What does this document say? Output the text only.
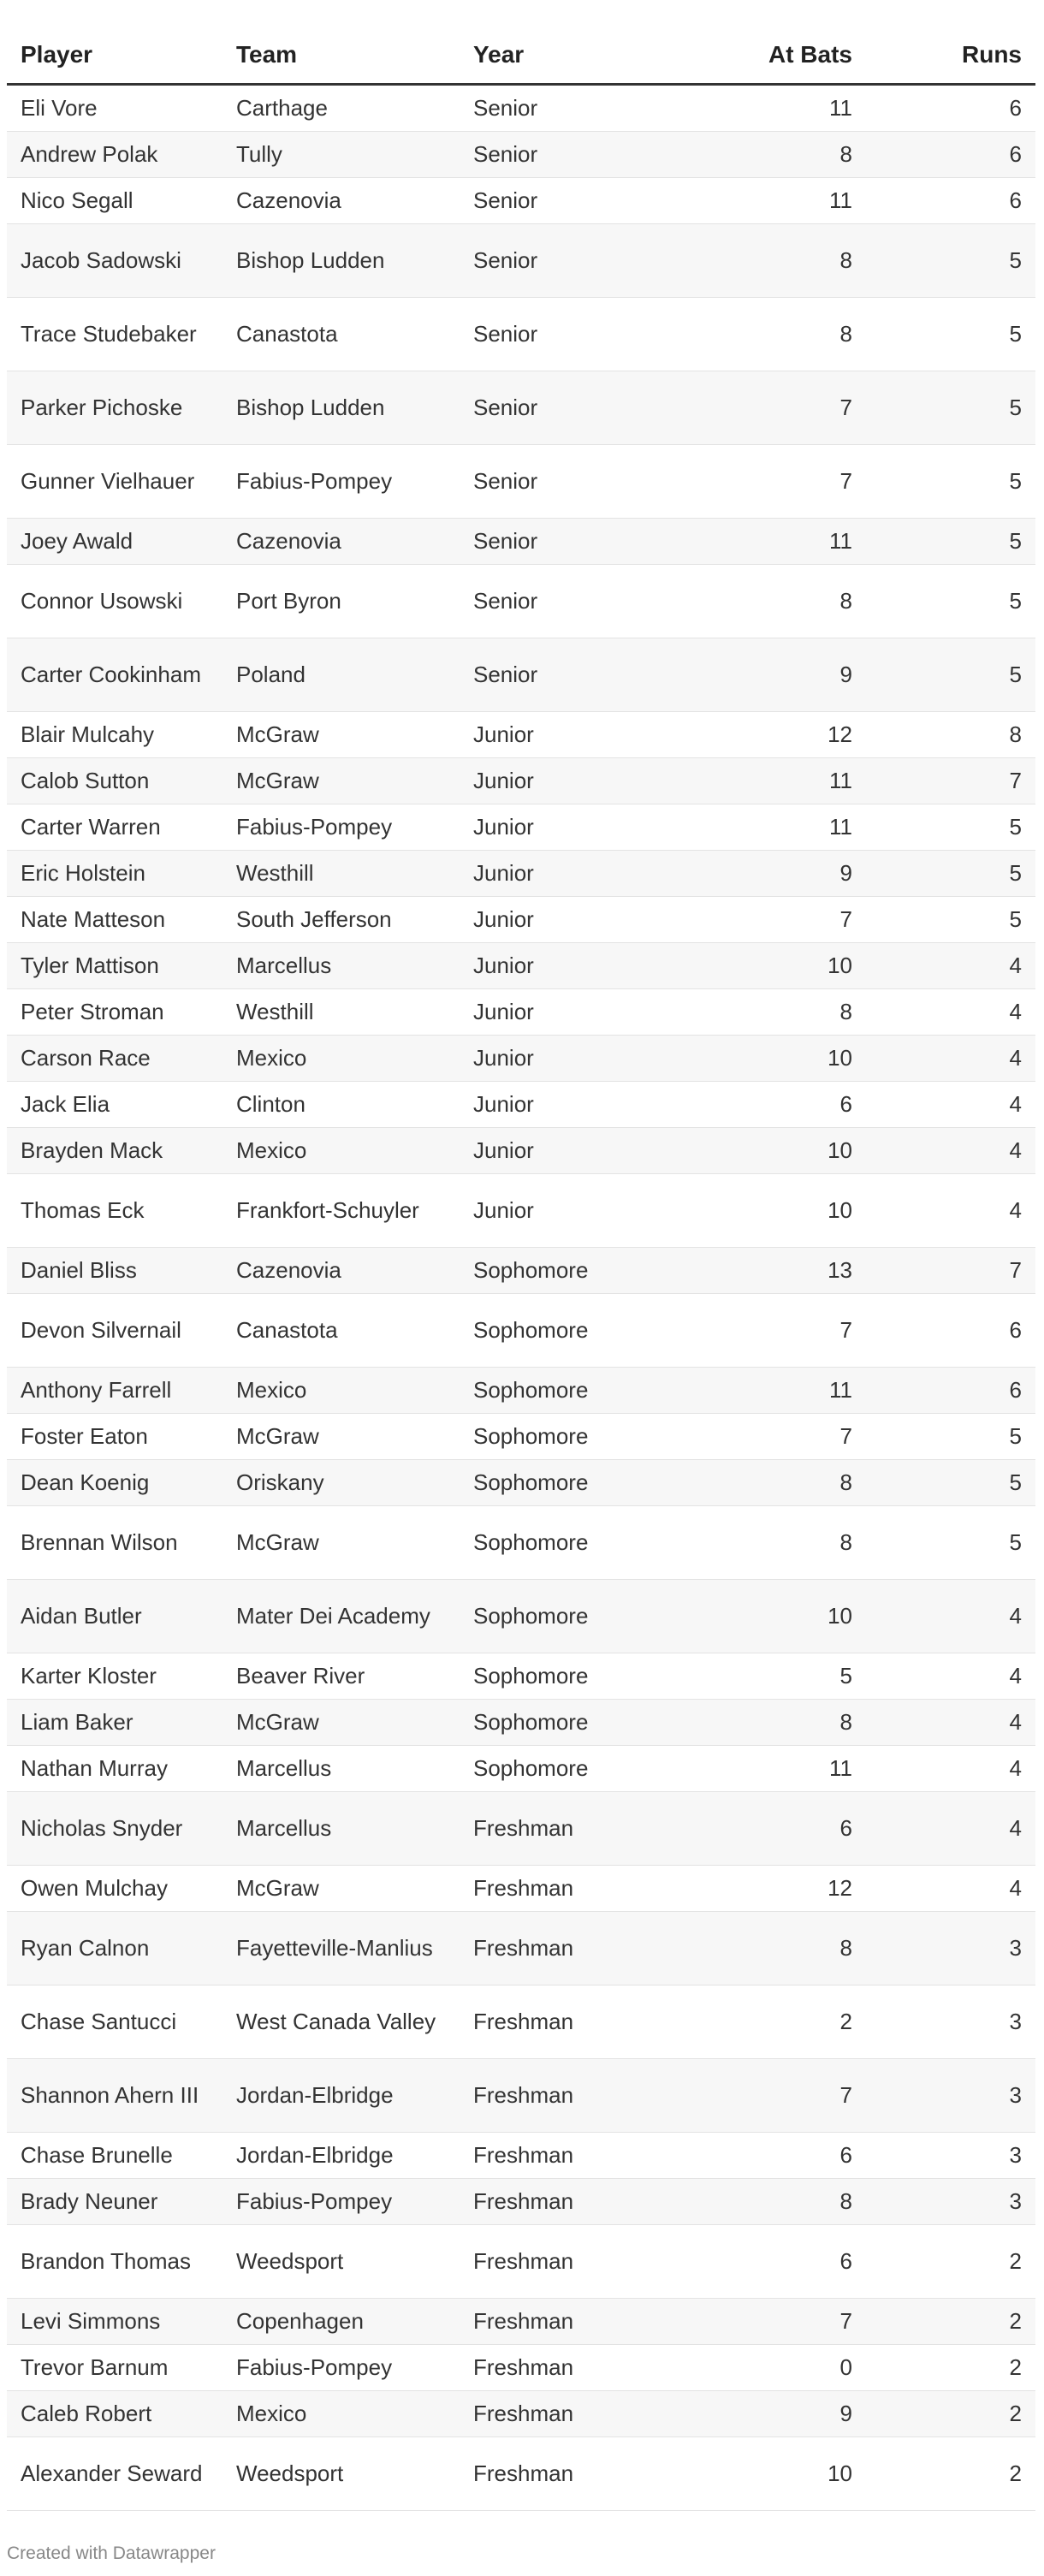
Player	Team	Year	At Bats	Runs
Eli Vore	Carthage	Senior	11	6
Andrew Polak	Tully	Senior	8	6
Nico Segall	Cazenovia	Senior	11	6
Jacob Sadowski	Bishop Ludden	Senior	8	5
Trace Studebaker	Canastota	Senior	8	5
Parker Pichoske	Bishop Ludden	Senior	7	5
Gunner Vielhauer	Fabius-Pompey	Senior	7	5
Joey Awald	Cazenovia	Senior	11	5
Connor Usowski	Port Byron	Senior	8	5
Carter Cookinham	Poland	Senior	9	5
Blair Mulcahy	McGraw	Junior	12	8
Calob Sutton	McGraw	Junior	11	7
Carter Warren	Fabius-Pompey	Junior	11	5
Eric Holstein	Westhill	Junior	9	5
Nate Matteson	South Jefferson	Junior	7	5
Tyler Mattison	Marcellus	Junior	10	4
Peter Stroman	Westhill	Junior	8	4
Carson Race	Mexico	Junior	10	4
Jack Elia	Clinton	Junior	6	4
Brayden Mack	Mexico	Junior	10	4
Thomas Eck	Frankfort-Schuyler	Junior	10	4
Daniel Bliss	Cazenovia	Sophomore	13	7
Devon Silvernail	Canastota	Sophomore	7	6
Anthony Farrell	Mexico	Sophomore	11	6
Foster Eaton	McGraw	Sophomore	7	5
Dean Koenig	Oriskany	Sophomore	8	5
Brennan Wilson	McGraw	Sophomore	8	5
Aidan Butler	Mater Dei Academy	Sophomore	10	4
Karter Kloster	Beaver River	Sophomore	5	4
Liam Baker	McGraw	Sophomore	8	4
Nathan Murray	Marcellus	Sophomore	11	4
Nicholas Snyder	Marcellus	Freshman	6	4
Owen Mulchay	McGraw	Freshman	12	4
Ryan Calnon	Fayetteville-Manlius	Freshman	8	3
Chase Santucci	West Canada Valley	Freshman	2	3
Shannon Ahern III	Jordan-Elbridge	Freshman	7	3
Chase Brunelle	Jordan-Elbridge	Freshman	6	3
Brady Neuner	Fabius-Pompey	Freshman	8	3
Brandon Thomas	Weedsport	Freshman	6	2
Levi Simmons	Copenhagen	Freshman	7	2
Trevor Barnum	Fabius-Pompey	Freshman	0	2
Caleb Robert	Mexico	Freshman	9	2
Alexander Seward	Weedsport	Freshman	10	2
Created with Datawrapper
